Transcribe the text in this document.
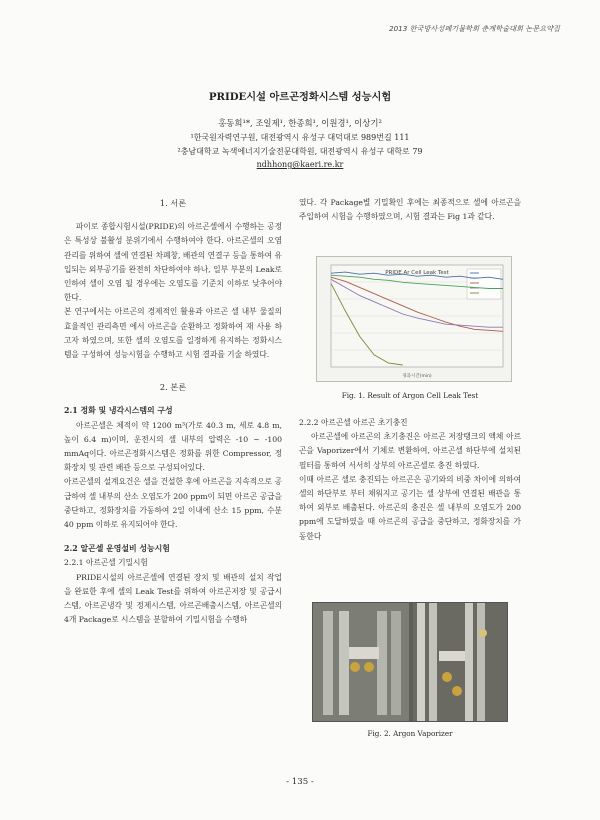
2013 한국방사성폐기물학회 춘계학술대회 논문요약집
PRIDE시설 아르곤정화시스템 성능시험
홍동희¹*, 조일제¹, 한종희¹, 이원경¹, 이상기²
¹한국원자력연구원, 대전광역시 유성구 대덕대로 989번길 111
²충남대학교 녹색에너지기술전문대학원, 대전광역시 유성구 대학로 79
ndhhong@kaeri.re.kr

1. 서론

파이로 종합시험시설(PRIDE)의 아르곤셀에서 수행하는 공정은 특성상 불활성 분위기에서 수행하여야 한다. 아르곤셀의 오염 관리를 위하여 셀에 연결된 차폐창, 배관의 연결구 등을 통하여 유입되는 외부공기를 완전히 차단하여야 하나, 일부 부분의 Leak로 인하여 셀이 오염 될 경우에는 오염도를 기준치 이하로 낮추어야 한다.

본 연구에서는 아르곤의 경제적인 활용과 아르곤 셀 내부 물질의 효율적인 관리측면 에서 아르곤을 순환하고 정화하여 재 사용 하고자 하였으며, 또한 셀의 오염도를 일정하게 유지하는 정화시스템을 구성하여 성능시험을 수행하고 시험 결과를 기술 하였다.

2. 본론

2.1 정화 및 냉각시스템의 구성

아르곤셀은 체적이 약 1200 m³(가로 40.3 m, 세로 4.8 m, 높이 6.4 m)이며, 운전시의 셀 내부의 압력은 -10 ~ -100 mmAq이다. 아르곤정화시스템은 정화를 위한 Compressor, 정화장치 및 관련 배관 등으로 구성되어있다.

아르곤셀의 설계요건은 셀을 건설한 후에 아르곤을 지속적으로 공급하여 셀 내부의 산소 오염도가 200 ppm이 되면 아르곤 공급을 중단하고, 정화장치를 가동하여 2일 이내에 산소 15 ppm, 수분 40 ppm 이하로 유지되어야 한다.

2.2 알곤셀 운영설비 성능시험

2.2.1 아르곤셀 기밀시험

PRIDE시설의 아르곤셀에 연결된 장치 및 배관의 설치 작업을 완료한 후에 셀의 Leak Test를 위하여 아르곤저장 및 공급시스템, 아르곤냉각 및 정제시스템, 아르곤배출시스템, 아르곤셀의 4개 Package로 시스템을 분할하여 기밀시험을 수행하

였다. 각 Package별 기밀확인 후에는 최종적으로 셀에 아르곤을 주입하여 시험을 수행하였으며, 시험 결과는 Fig 1과 같다.

PRIDE Ar Cell Leak Test
경과시간(min)
Fig. 1. Result of Argon Cell Leak Test

2.2.2 아르곤셀 아르곤 초기충진

아르곤셀에 아르곤의 초기충진은 아르곤 저장탱크의 액체 아르곤을 Vaporizer에서 기체로 변환하여, 아르곤셀 하단부에 설치된 필터를 통하여 서서히 상부의 아르곤셀로 충진 하였다.

이때 아르곤 셀로 충진되는 아르곤은 공기와의 비중 차이에 의하여 셀의 하단부로 부터 채워지고 공기는 셀 상부에 연결된 배관을 통하여 외부로 배출된다. 아르곤의 충진은 셀 내부의 오염도가 200 ppm에 도달하였을 때 아르곤의 공급을 중단하고, 정화장치를 가동한다

Fig. 2. Argon Vaporizer
- 135 -
